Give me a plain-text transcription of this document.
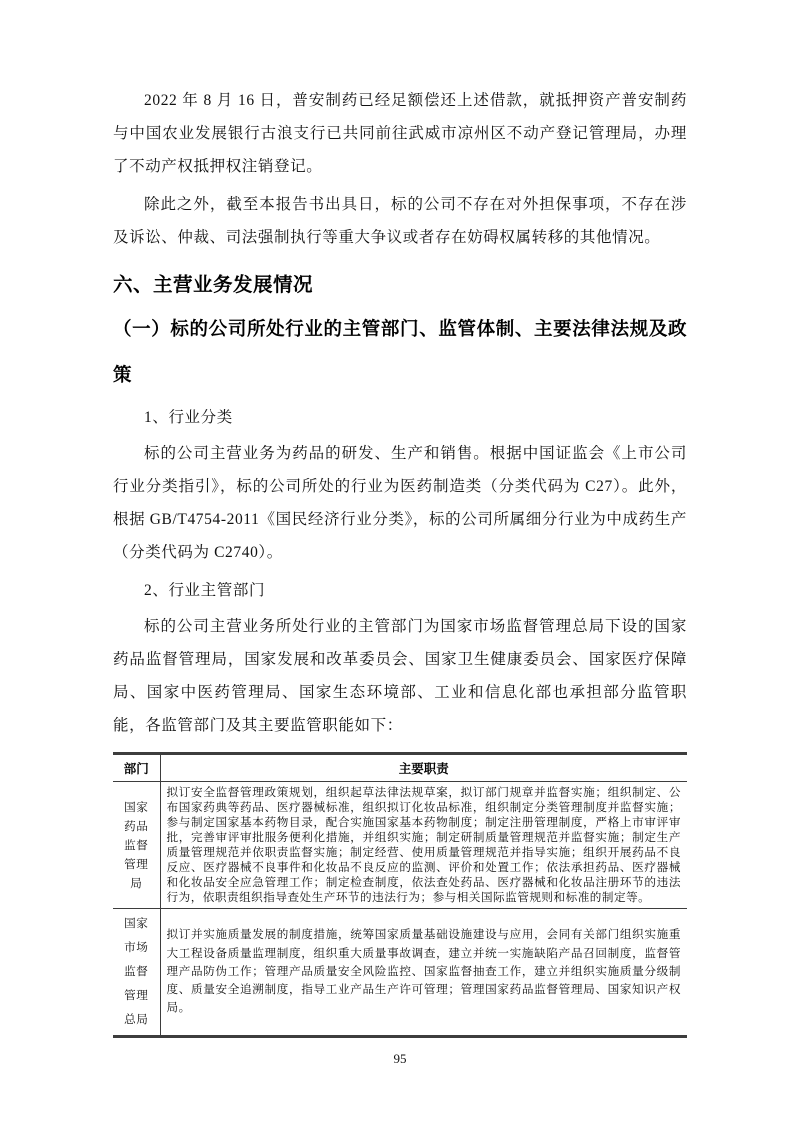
2022 年 8 月 16 日，普安制药已经足额偿还上述借款，就抵押资产普安制药与中国农业发展银行古浪支行已共同前往武威市凉州区不动产登记管理局，办理了不动产权抵押权注销登记。

除此之外，截至本报告书出具日，标的公司不存在对外担保事项，不存在涉及诉讼、仲裁、司法强制执行等重大争议或者存在妨碍权属转移的其他情况。

六、主营业务发展情况
（一）标的公司所处行业的主管部门、监管体制、主要法律法规及政策
1、行业分类

标的公司主营业务为药品的研发、生产和销售。根据中国证监会《上市公司行业分类指引》，标的公司所处的行业为医药制造类（分类代码为 C27）。此外，根据 GB/T4754-2011《国民经济行业分类》，标的公司所属细分行业为中成药生产（分类代码为 C2740）。

2、行业主管部门

标的公司主营业务所处行业的主管部门为国家市场监督管理总局下设的国家药品监督管理局，国家发展和改革委员会、国家卫生健康委员会、国家医疗保障局、国家中医药管理局、国家生态环境部、工业和信息化部也承担部分监管职能，各监管部门及其主要监管职能如下：

部门	主要职责
国家药品监督管理局	拟订安全监督管理政策规划，组织起草法律法规草案，拟订部门规章并监督实施；组织制定、公布国家药典等药品、医疗器械标准，组织拟订化妆品标准，组织制定分类管理制度并监督实施；参与制定国家基本药物目录，配合实施国家基本药物制度；制定注册管理制度，严格上市审评审批，完善审评审批服务便利化措施，并组织实施；制定研制质量管理规范并监督实施；制定生产质量管理规范并依职责监督实施；制定经营、使用质量管理规范并指导实施；组织开展药品不良反应、医疗器械不良事件和化妆品不良反应的监测、评价和处置工作；依法承担药品、医疗器械和化妆品安全应急管理工作；制定检查制度，依法查处药品、医疗器械和化妆品注册环节的违法行为，依职责组织指导查处生产环节的违法行为；参与相关国际监管规则和标准的制定等。
国家市场监督管理总局	拟订并实施质量发展的制度措施，统筹国家质量基础设施建设与应用，会同有关部门组织实施重大工程设备质量监理制度，组织重大质量事故调查，建立并统一实施缺陷产品召回制度，监督管理产品防伪工作；管理产品质量安全风险监控、国家监督抽查工作，建立并组织实施质量分级制度、质量安全追溯制度，指导工业产品生产许可管理；管理国家药品监督管理局、国家知识产权局。
95
